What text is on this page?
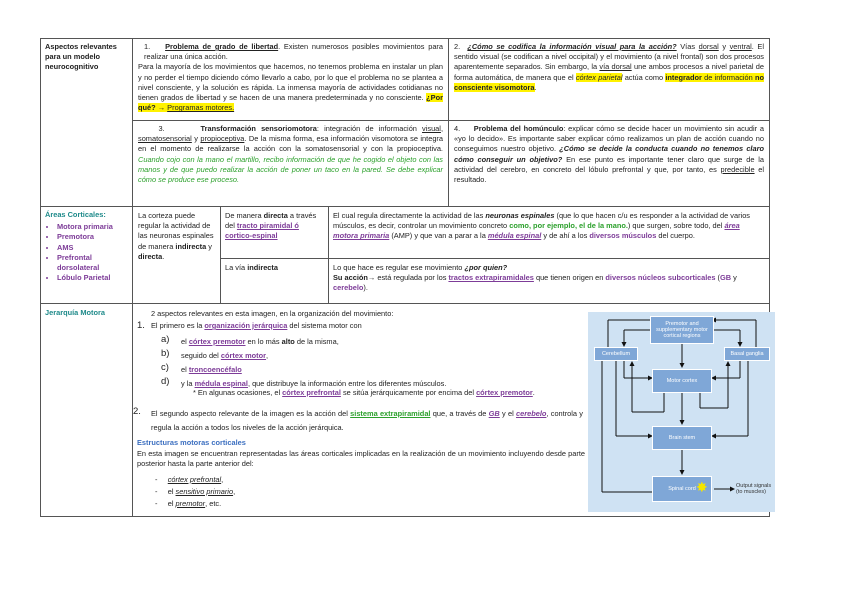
Aspectos relevantes para un modelo neurocognitivo

1. Problema de grado de libertad. Existen numerosos posibles movimientos para realizar una única acción.

Para la mayoría de los movimientos que hacemos, no tenemos problema en instalar un plan y no perder el tiempo diciendo cómo llevarlo a cabo, por lo que el problema no se plantea a nivel consciente, y la solución es rápida. La inmensa mayoría de actividades cotidianas no tienen grados de libertad y se hacen de una manera predeterminada y no consciente. ¿Por qué? → Programas motores.

2. ¿Cómo se codifica la información visual para la acción? Vías dorsal y ventral. El sentido visual (se codifican a nivel occipital) y el movimiento (a nivel frontal) son dos procesos aparentemente separados. Sin embargo, la vía dorsal une ambos procesos a nivel parietal de forma automática, de manera que el córtex parietal actúa como integrador de información no consciente visomotora.

3.	Transformación sensoriomotora: integración de información visual, somatosensorial y propioceptiva. De la misma forma, esa información visomotora se integra en el momento de realizarse la acción con la somatosensorial y con la propioceptiva. Cuando cojo con la mano el martillo, recibo información de que he cogido el objeto con las manos y de que puedo realizar la acción de poner un taco en la pared. Se debe explicar cómo se produce ese proceso.

4. Problema del homúnculo: explicar cómo se decide hacer un movimiento sin acudir a «yo lo decido». Es importante saber explicar cómo realizamos un plan de acción cuando no conseguimos nuestro objetivo. ¿Cómo se decide la conducta cuando no tenemos claro cómo conseguir un objetivo? En ese punto es importante tener claro que surge de la actividad del cerebro, en concreto del lóbulo prefrontal y que, por tanto, es predecible el resultado.

Áreas Corticales:
• Motora primaria
• Premotora
• AMS
• Prefrontal dorsolateral
• Lóbulo Parietal
La corteza puede regular la actividad de las neuronas espinales de manera indirecta y directa.
De manera directa a través del tracto piramidal ó cortico-espinal
El cual regula directamente la actividad de las neuronas espinales (que lo que hacen c/u es responder a la actividad de varios músculos, es decir, controlar un movimiento concreto como, por ejemplo, el de la mano.) que surgen, sobre todo, del área motora primaria (AMP) y que van a parar a la médula espinal y de ahí a los diversos músculos del cuerpo.
La vía indirecta	Lo que hace es regular ese movimiento ¿por quien?
Su acción→ está regulada por los tractos extrapiramidales que tienen origen en diversos núcleos subcorticales (GB y cerebelo).
Jerarquía Motora	2 aspectos relevantes en esta imagen, en la organización del movimiento:
1. El primero es la organización jerárquica del sistema motor con
a)
b)
c)
d)
el córtex premotor en lo más alto de la misma,
seguido del córtex motor,
el troncoencéfalo
y la médula espinal, que distribuye la información entre los diferentes músculos.
* En algunas ocasiones, el córtex prefrontal se sitúa jerárquicamente por encima del córtex premotor.
2. El segundo aspecto relevante de la imagen es la acción del sistema extrapiramidal que, a través de GB y el cerebelo, controla y regula la acción a todos los niveles de la acción jerárquica.
Estructuras motoras corticales
En esta imagen se encuentran representadas las áreas corticales implicadas en la realización de un movimiento incluyendo desde parte posterior hasta la parte anterior del:
-     córtex prefrontal,
-     el sensitivo primario,
-     el premotor, etc.
Premotor and supplementary motor cortical regions
Cerebellum	Basal ganglia
Motor cortex
Brain stem
Spinal cord ✸	Output signals (to muscles)
